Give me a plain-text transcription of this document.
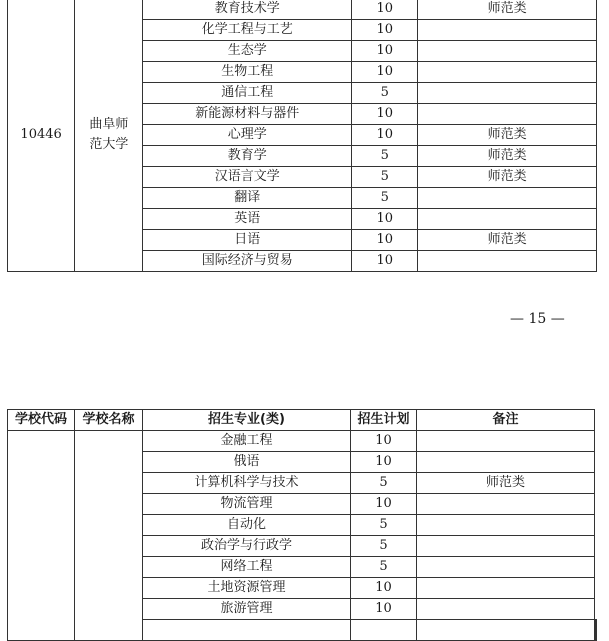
10446	曲阜师范大学	教育技术学	10	师范类
		化学工程与工艺	10	
		生态学	10	
		生物工程	10	
		通信工程	5	
		新能源材料与器件	10	
		心理学	10	师范类
		教育学	5	师范类
		汉语言文学	5	师范类
		翻译	5	
		英语	10	
		日语	10	师范类
		国际经济与贸易	10	
— 15 —
学校代码	学校名称	招生专业(类)	招生计划	备注	
		金融工程	10		
		俄语	10		
		计算机科学与技术	5	师范类	
		物流管理	10		
		自动化	5		
		政治学与行政学	5		
		网络工程	5		
		土地资源管理	10		
		旅游管理	10		
